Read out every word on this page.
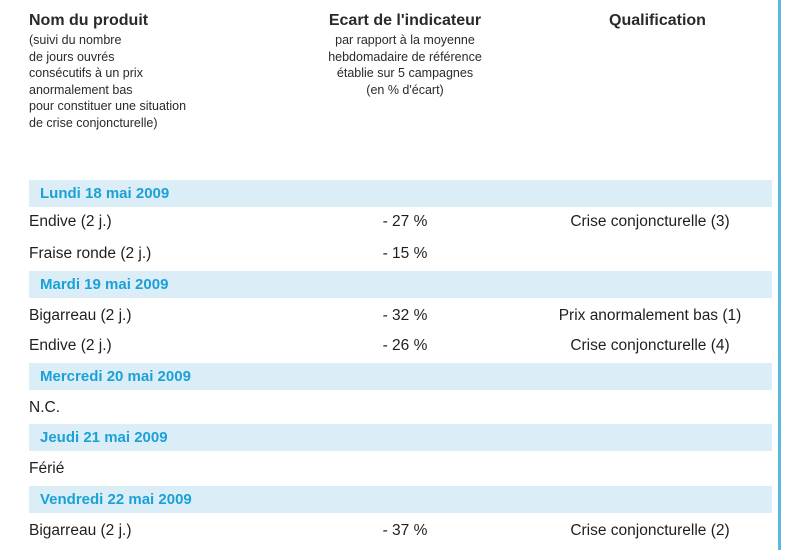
Nom du produit
(suivi du nombre
de jours ouvrés
consécutifs à un prix
anormalement bas
pour constituer une situation
de crise conjoncturelle)
Ecart de l'indicateur
par rapport à la moyenne
hebdomadaire de référence
établie sur 5 campagnes
(en % d'écart)
Qualification
Lundi 18 mai 2009
Endive (2 j.)	- 27 %	Crise conjoncturelle (3)
Fraise ronde (2 j.)	- 15 %
Mardi 19 mai 2009
Bigarreau (2 j.)	- 32 %	Prix anormalement bas (1)
Endive (2 j.)	- 26 %	Crise conjoncturelle (4)
Mercredi 20 mai 2009
N.C.
Jeudi 21 mai 2009
Férié
Vendredi 22 mai 2009
Bigarreau (2 j.)	- 37 %	Crise conjoncturelle (2)
